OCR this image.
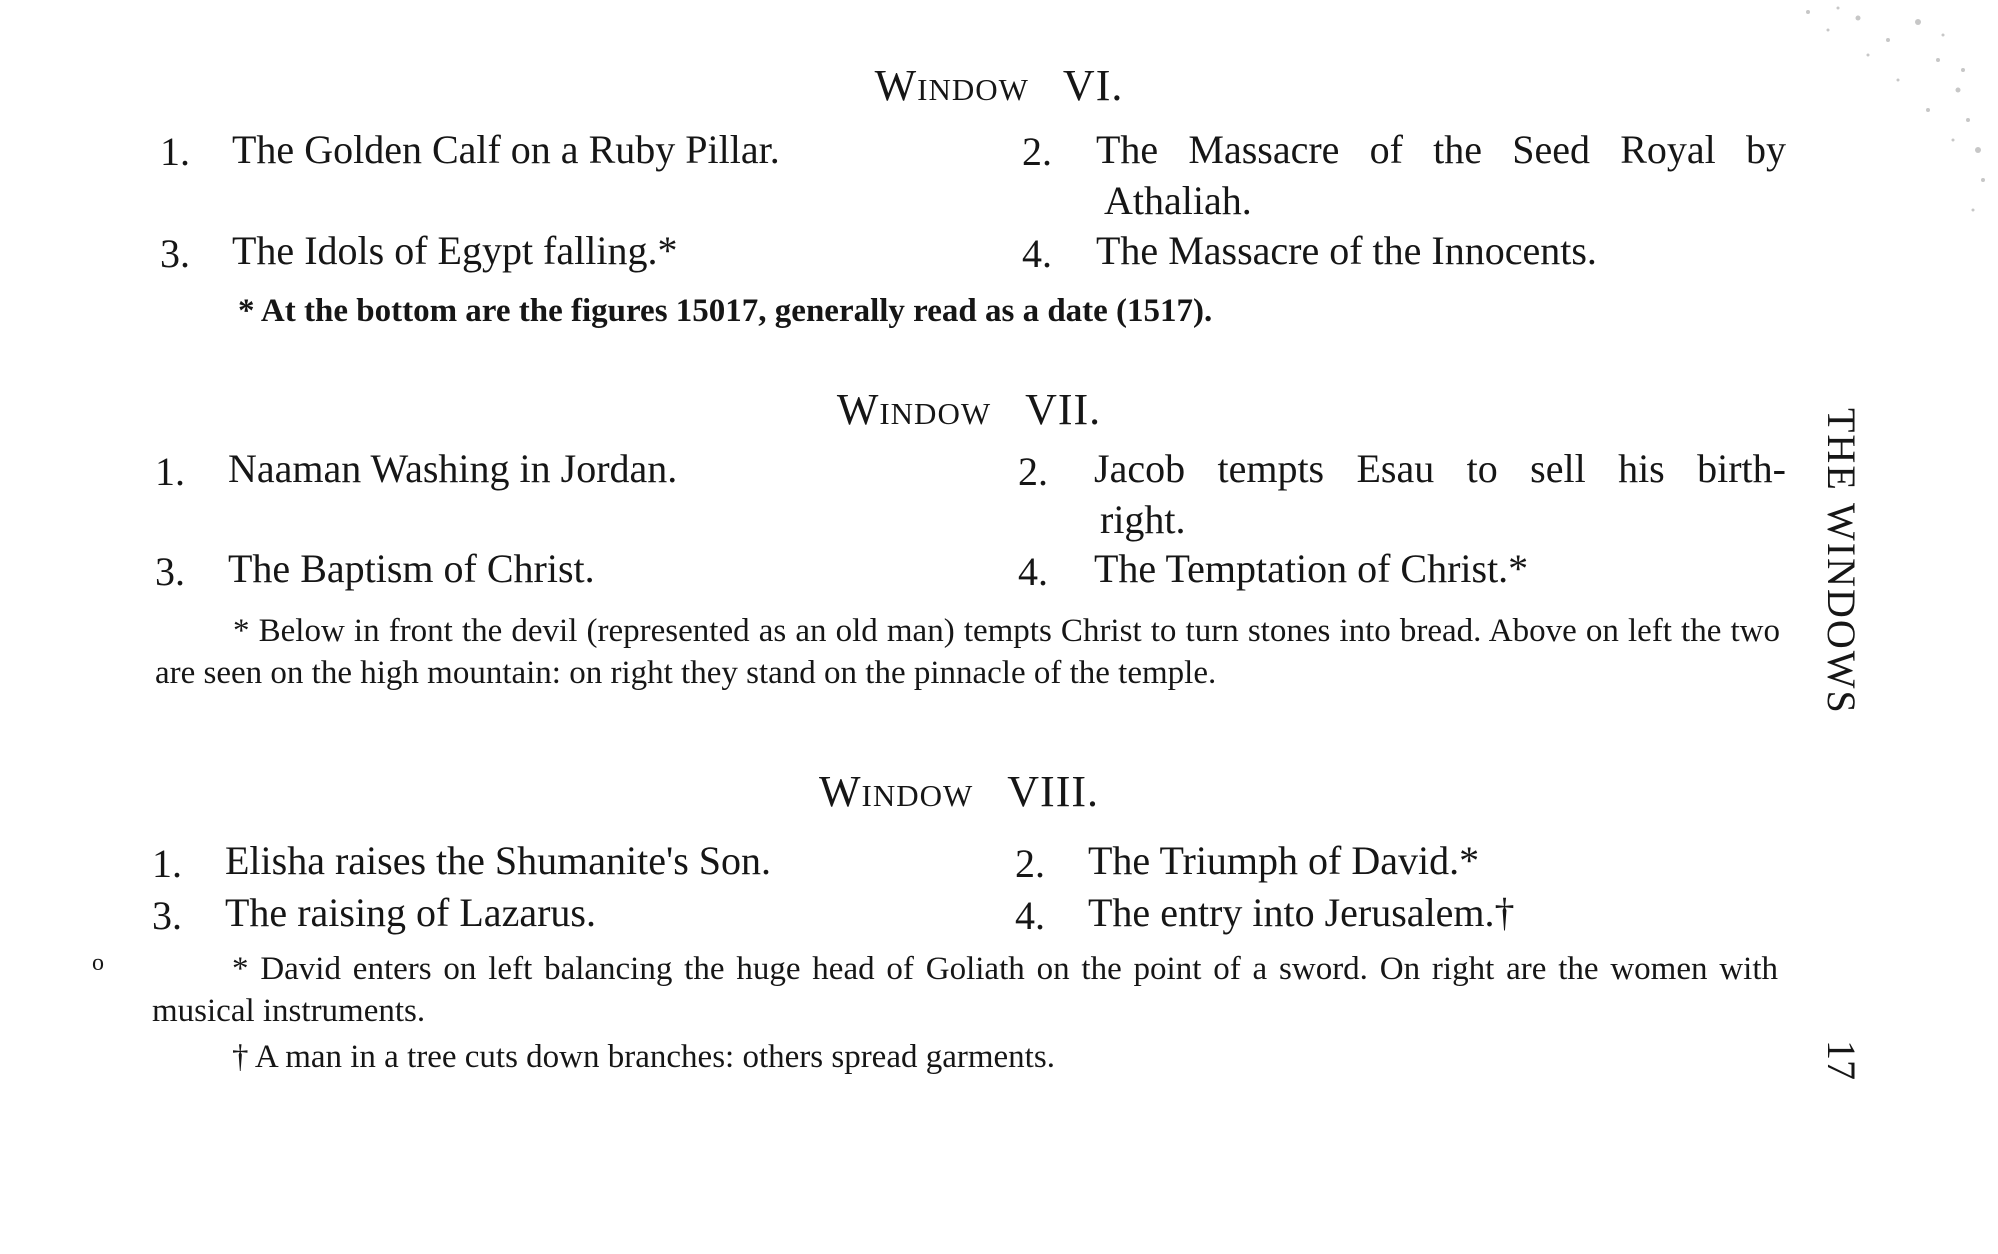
Window VI.
1. The Golden Calf on a Ruby Pillar.	2. The Massacre of the Seed Royal by
Athaliah.
3. The Idols of Egypt falling.*	4. The Massacre of the Innocents.
* At the bottom are the figures 15017, generally read as a date (1517).
Window VII.
1. Naaman Washing in Jordan.	2. Jacob tempts Esau to sell his birth-
right.
3. The Baptism of Christ.	4. The Temptation of Christ.*
* Below in front the devil (represented as an old man) tempts Christ to turn stones into bread. Above on left the two are seen on the high mountain: on right they stand on the pinnacle of the temple.
Window VIII.
1. Elisha raises the Shumanite's Son.	2. The Triumph of David.*
3. The raising of Lazarus.	4. The entry into Jerusalem.†
* David enters on left balancing the huge head of Goliath on the point of a sword. On right are the women with musical instruments.
† A man in a tree cuts down branches: others spread garments.
THE WINDOWS
17
o
